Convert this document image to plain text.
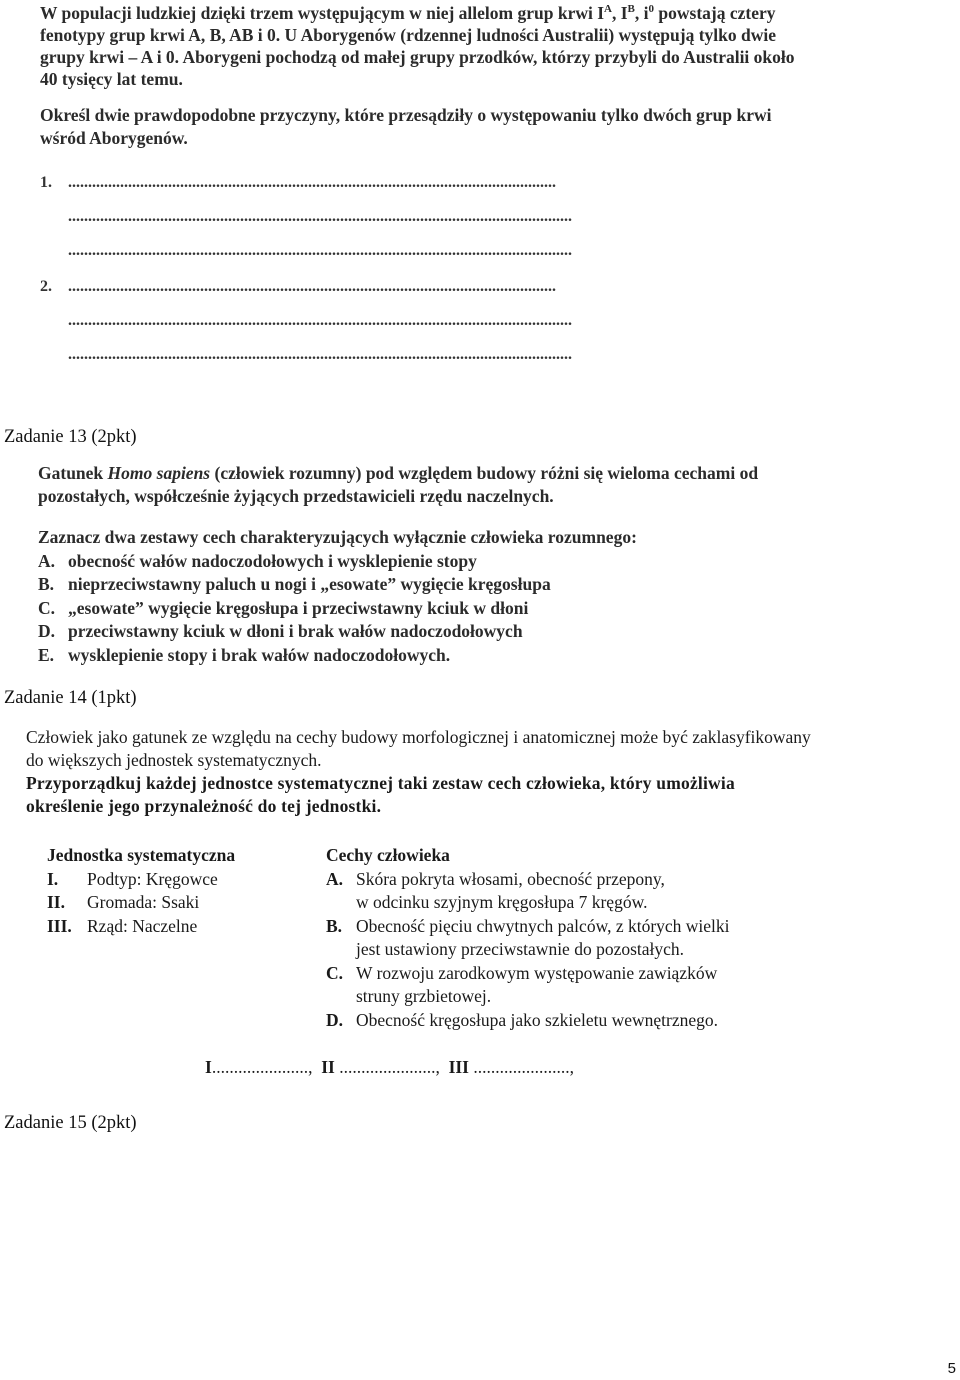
W populacji ludzkiej dzięki trzem występującym w niej allelom grup krwi $I^A$, $I^B$, $i^0$ powstają cztery fenotypy grup krwi A, B, AB i 0. U Aborygenów (rdzennej ludności Australii) występują tylko dwie grupy krwi – A i 0. Aborygeni pochodzą od małej grupy przodków, którzy przybyli do Australii około 40 tysięcy lat temu.
Określ dwie prawdopodobne przyczyny, które przesądziły o występowaniu tylko dwóch grup krwi wśród Aborygenów.
1. ..........................................................................................................................
..............................................................................................................................
..............................................................................................................................
2. ..........................................................................................................................
..............................................................................................................................
..............................................................................................................................
Zadanie 13 (2pkt)
Gatunek Homo sapiens (człowiek rozumny) pod względem budowy różni się wieloma cechami od pozostałych, współcześnie żyjących przedstawicieli rzędu naczelnych.
Zaznacz dwa zestawy cech charakteryzujących wyłącznie człowieka rozumnego:
A. obecność wałów nadoczodołowych i wysklepienie stopy
B. nieprzeciwstawny paluch u nogi i „esowate” wygięcie kręgosłupa
C. „esowate” wygięcie kręgosłupa i przeciwstawny kciuk w dłoni
D. przeciwstawny kciuk w dłoni i brak wałów nadoczodołowych
E. wysklepienie stopy i brak wałów nadoczodołowych.
Zadanie 14 (1pkt)
Człowiek jako gatunek ze względu na cechy budowy morfologicznej i anatomicznej może być zaklasyfikowany do większych jednostek systematycznych.
Przyporządkuj każdej jednostce systematycznej taki zestaw cech człowieka, który umożliwia określenie jego przynależność do tej jednostki.
Jednostka systematyczna
I. Podtyp: Kręgowce
II. Gromada: Ssaki
III. Rząd: Naczelne
Cechy człowieka
A. Skóra pokryta włosami, obecność przepony,
w odcinku szyjnym kręgosłupa 7 kręgów.
B. Obecność pięciu chwytnych palców, z których wielki
jest ustawiony przeciwstawnie do pozostałych.
C. W rozwoju zarodkowym występowanie zawiązków
struny grzbietowej.
D. Obecność kręgosłupa jako szkieletu wewnętrznego.
I......................, II ......................, III ......................,
Zadanie 15 (2pkt)
5
